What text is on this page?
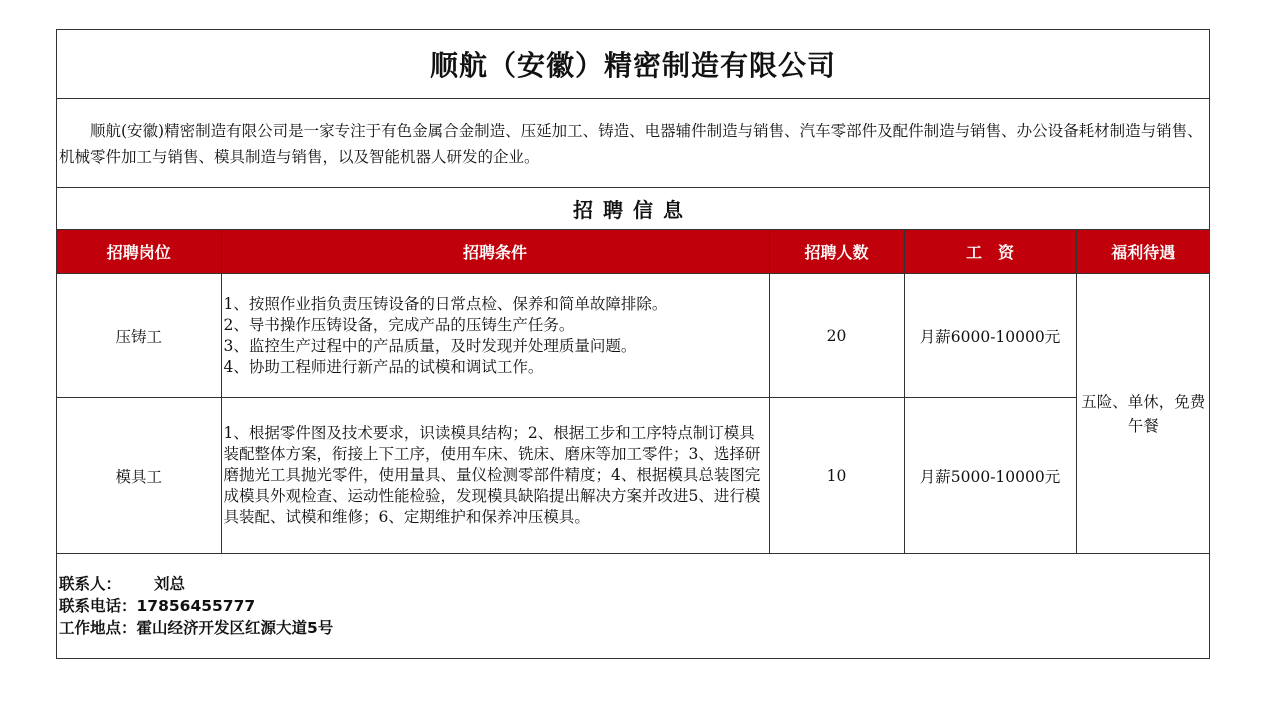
顺航（安徽）精密制造有限公司
顺航(安徽)精密制造有限公司是一家专注于有色金属合金制造、压延加工、铸造、电器辅件制造与销售、汽车零部件及配件制造与销售、办公设备耗材制造与销售、机械零件加工与销售、模具制造与销售，以及智能机器人研发的企业。
招聘信息
招聘岗位	招聘条件	招聘人数	工　资	福利待遇
压铸工	1、按照作业指负责压铸设备的日常点检、保养和简单故障排除。
2、导书操作压铸设备，完成产品的压铸生产任务。
3、监控生产过程中的产品质量，及时发现并处理质量问题。
4、协助工程师进行新产品的试模和调试工作。	20	月薪6000-10000元	五险、单休，免费午餐
模具工	1、根据零件图及技术要求，识读模具结构；2、根据工步和工序特点制订模具装配整体方案，衔接上下工序，使用车床、铣床、磨床等加工零件；3、选择研磨抛光工具抛光零件，使用量具、量仪检测零部件精度；4、根据模具总装图完成模具外观检查、运动性能检验，发现模具缺陷提出解决方案并改进5、进行模具装配、试模和维修；6、定期维护和保养冲压模具。	10	月薪5000-10000元	
联系人：	刘总
联系电话： 17856455777
工作地点： 霍山经济开发区红源大道5号
